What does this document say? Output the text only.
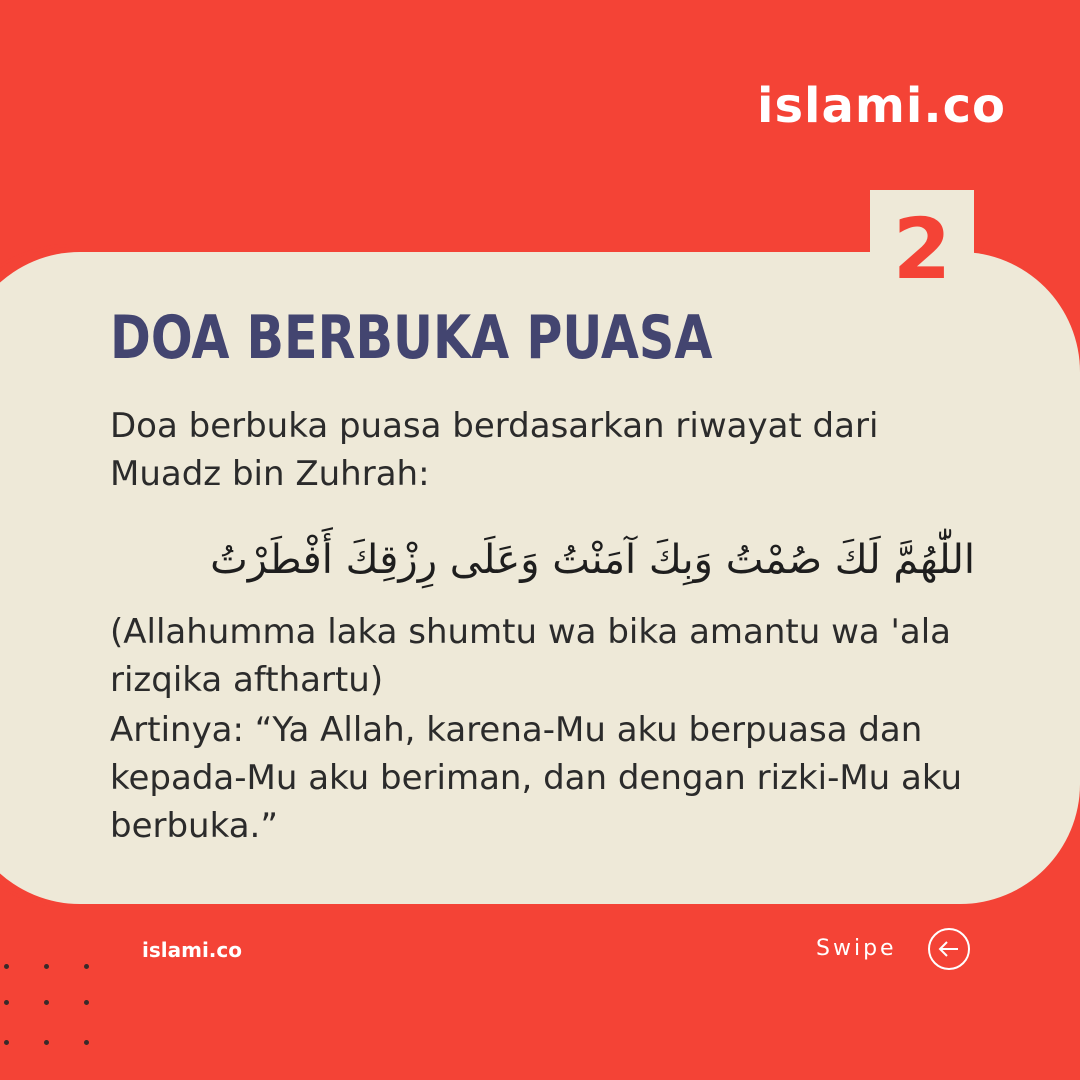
islami.co
2
DOA BERBUKA PUASA

Doa berbuka puasa berdasarkan riwayat dari Muadz bin Zuhrah:

اللّٰهُمَّ لَكَ صُمْتُ وَبِكَ آمَنْتُ وَعَلَى رِزْقِكَ أَفْطَرْتُ

(Allahumma laka shumtu wa bika amantu wa 'ala rizqika afthartu)

Artinya: “Ya Allah, karena-Mu aku berpuasa dan kepada-Mu aku beriman, dan dengan rizki-Mu aku berbuka.”

islami.co	Swipe
